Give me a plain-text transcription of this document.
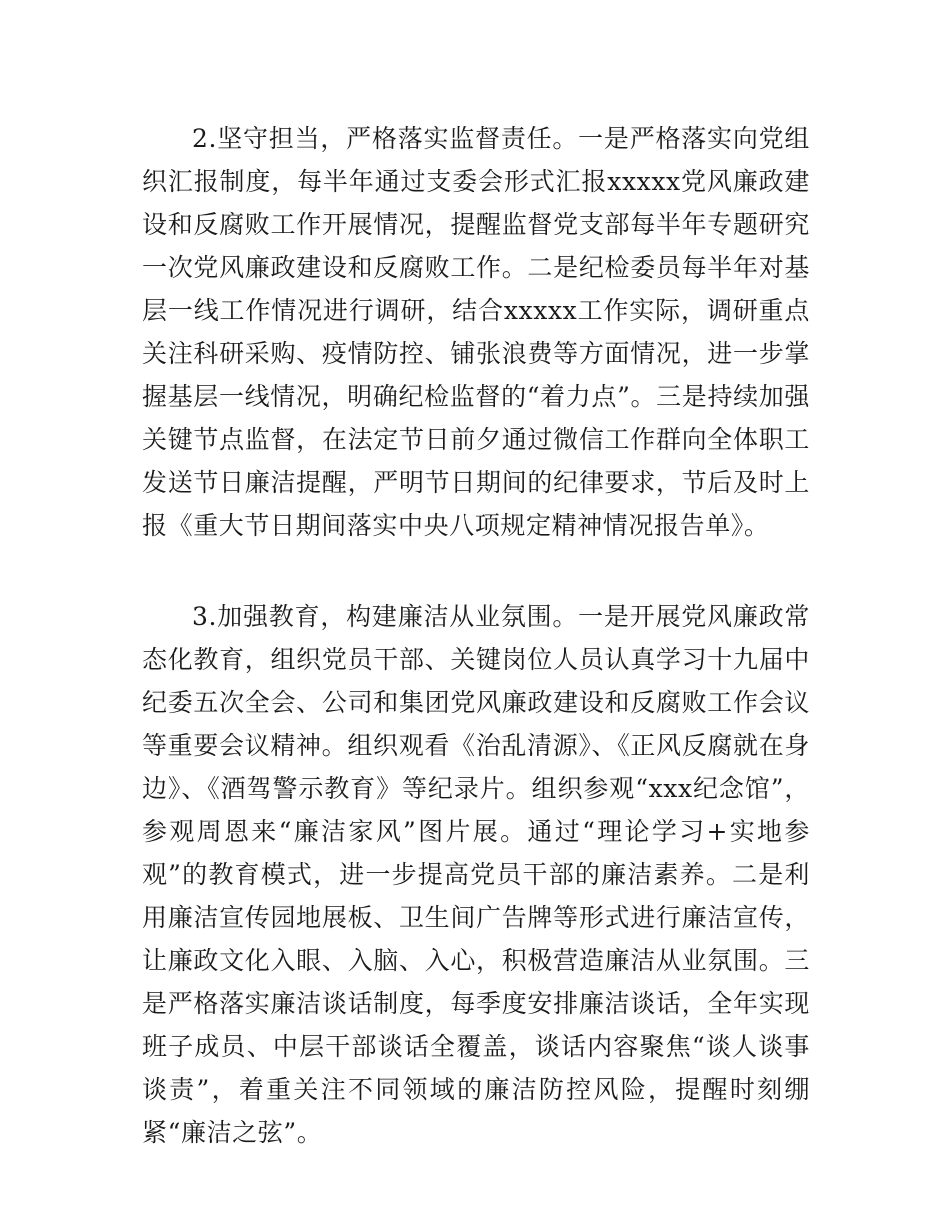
2.坚守担当，严格落实监督责任。一是严格落实向党组织汇报制度，每半年通过支委会形式汇报xxxxx党风廉政建设和反腐败工作开展情况，提醒监督党支部每半年专题研究一次党风廉政建设和反腐败工作。二是纪检委员每半年对基层一线工作情况进行调研，结合xxxxx工作实际，调研重点关注科研采购、疫情防控、铺张浪费等方面情况，进一步掌握基层一线情况，明确纪检监督的“着力点”。三是持续加强关键节点监督，在法定节日前夕通过微信工作群向全体职工发送节日廉洁提醒，严明节日期间的纪律要求，节后及时上报《重大节日期间落实中央八项规定精神情况报告单》。

3.加强教育，构建廉洁从业氛围。一是开展党风廉政常态化教育，组织党员干部、关键岗位人员认真学习十九届中纪委五次全会、公司和集团党风廉政建设和反腐败工作会议等重要会议精神。组织观看《治乱清源》、《正风反腐就在身边》、《酒驾警示教育》等纪录片。组织参观“xxx纪念馆”，参观周恩来“廉洁家风”图片展。通过“理论学习+实地参观”的教育模式，进一步提高党员干部的廉洁素养。二是利用廉洁宣传园地展板、卫生间广告牌等形式进行廉洁宣传，让廉政文化入眼、入脑、入心，积极营造廉洁从业氛围。三是严格落实廉洁谈话制度，每季度安排廉洁谈话，全年实现班子成员、中层干部谈话全覆盖，谈话内容聚焦“谈人谈事谈责”，着重关注不同领域的廉洁防控风险，提醒时刻绷紧“廉洁之弦”。
